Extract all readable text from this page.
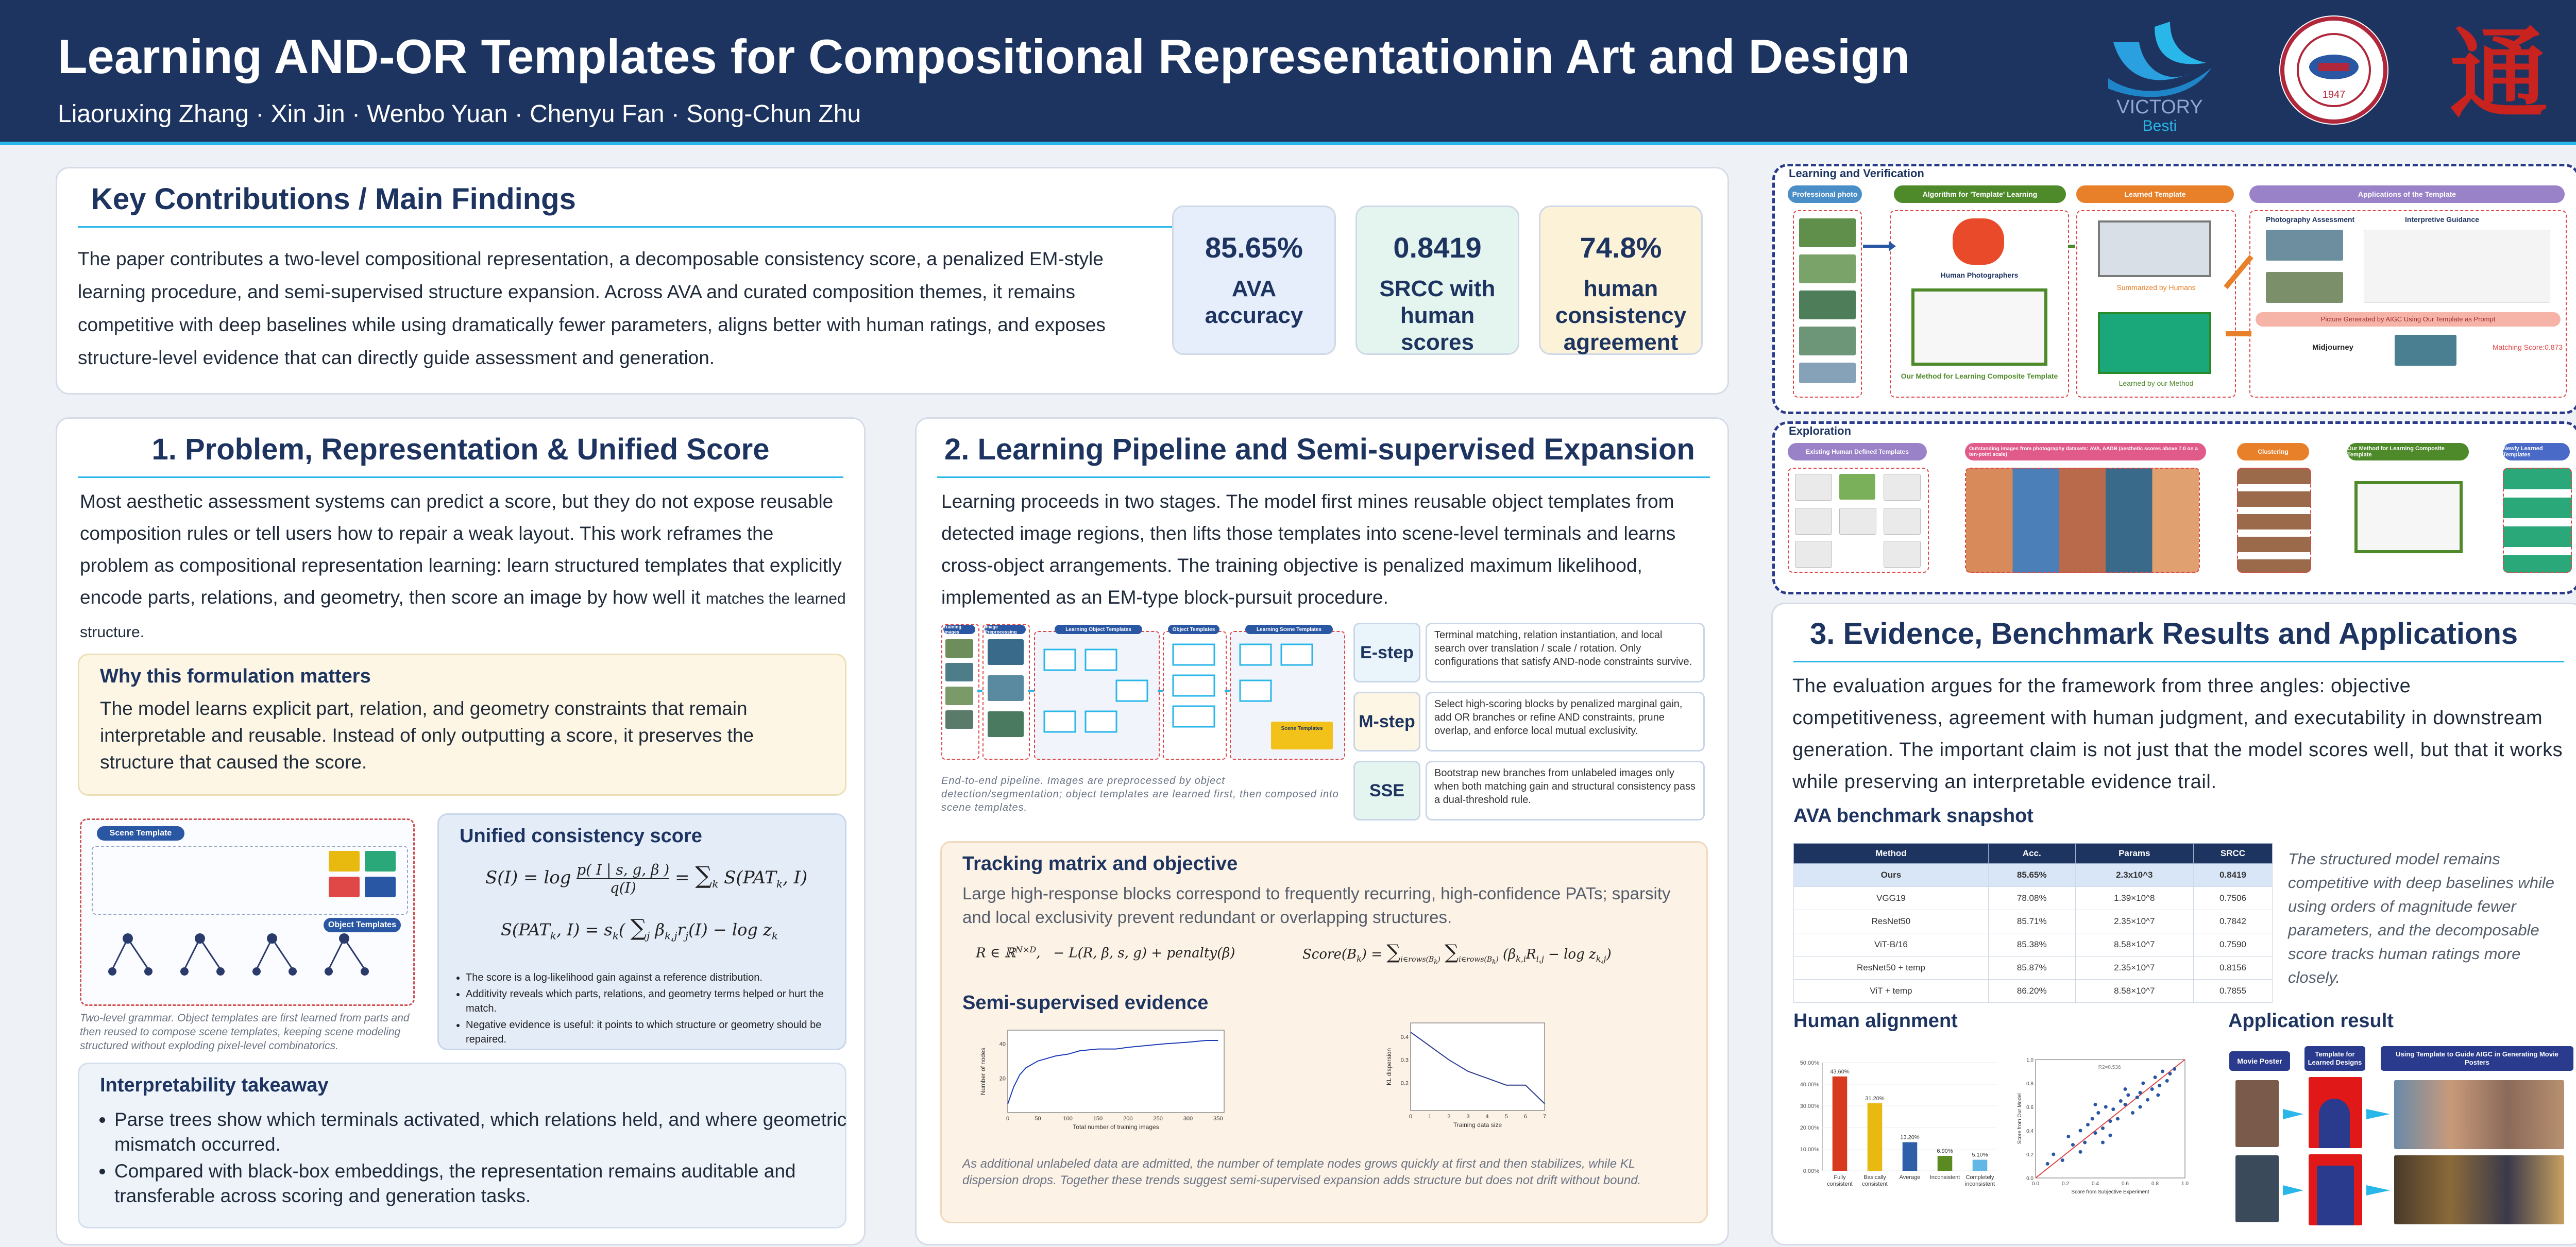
Learning AND-OR Templates for Compositional Representationin Art and Design
Liaoruxing Zhang · Xin Jin · Wenbo Yuan · Chenyu Fan · Song-Chun Zhu	VICTORY
Besti
1947 通
Key Contributions / Main Findings
The paper contributes a two-level compositional representation, a decomposable consistency score, a penalized EM-style learning procedure, and semi-supervised structure expansion. Across AVA and curated composition themes, it remains competitive with deep baselines while using dramatically fewer parameters, aligns better with human ratings, and exposes structure-level evidence that can directly guide assessment and generation.
85.65%
AVA accuracy
0.8419
SRCC with human scores
74.8%
human consistency agreement
Learning and Verification
Professional photo	Algorithm for 'Template' Learning	Learned Template	Applications of the Template
Human Photographers
Our Method for Learning Composite Template
Summarized by Humans
Learned by our Method
Photography Assessment	Interpretive Guidance
Picture Generated by AIGC Using Our Template as Prompt
Midjourney	Matching Score:0.873
Exploration
Existing Human Defined Templates	Outstanding images from photography datasets: AVA, AADB (aesthetic scores above 7.0 on a ten-point scale)	Clustering	Our Method for Learning Composite Template
Newly Learned Templates
1. Problem, Representation & Unified Score
Most aesthetic assessment systems can predict a score, but they do not expose reusable composition rules or tell users how to repair a weak layout. This work reframes the problem as compositional representation learning: learn structured templates that explicitly encode parts, relations, and geometry, then score an image by how well it matches the learned structure.
Why this formulation matters
The model learns explicit part, relation, and geometry constraints that remain interpretable and reusable. Instead of only outputting a score, it preserves the structure that caused the score.
Scene Template
Object Templates
Two-level grammar. Object templates are first learned from parts and then reused to compose scene templates, keeping scene modeling structured without exploding pixel-level combinatorics.
Unified consistency score
$S(I) = \log \frac{p( I | s, g, \beta )}{q(I)} = \sum_k$ $S(PAT_k$, I)
$S(PAT_k$, $I) = s_k$( $\sum_j$ $\beta_{k,j}r_j(I) - \log z_k$
• The score is a log-likelihood gain against a reference distribution.
• Additivity reveals which parts, relations, and geometry terms helped or hurt the match.
• Negative evidence is useful: it points to which structure or geometry should be repaired.
Interpretability takeaway
• Parse trees show which terminals activated, which relations held, and where geometric mismatch occurred.
• Compared with black-box embeddings, the representation remains auditable and transferable across scoring and generation tasks.
2. Learning Pipeline and Semi-supervised Expansion
Learning proceeds in two stages. The model first mines reusable object templates from detected image regions, then lifts those templates into scene-level terminals and learns cross-object arrangements. The training objective is penalized maximum likelihood, implemented as an EM-type block-pursuit procedure.
Training Images
Image Preprocessing	Learning Object Templates	Object Templates	Learning Scene Templates
Scene Templates
End-to-end pipeline. Images are preprocessed by object detection/segmentation; object templates are learned first, then composed into scene templates.
E-step
Terminal matching, relation instantiation, and local search over translation / scale / rotation. Only configurations that satisfy AND-node constraints survive.
M-step
Select high-scoring blocks by penalized marginal gain, add OR branches or refine AND constraints, prune overlap, and enforce local mutual exclusivity.
SSE
Bootstrap new branches from unlabeled images only when both matching gain and structural consistency pass a dual-threshold rule.
Tracking matrix and objective
Large high-response blocks correspond to frequently recurring, high-confidence PATs; sparsity and local exclusivity prevent redundant or overlapping structures.
R ∈ ℝ$^{N\times D}$,   − L(R, β, s, g) + penalty(β)	$Score(B_k) = \sum_{i\in rows(B_k)}$ $\sum_{i\in rows(B_k)}$ $(\beta_{k,i}R_{i,j} - \log z_{k,j})$
Semi-supervised evidence
0	50	100	150	200	250	300	350
20
40
Total number of training images
Number of nodes
0	1	2	3	4	5	6	7
0.2
0.3
0.4
Training data size
KL dispersion
As additional unlabeled data are admitted, the number of template nodes grows quickly at first and then stabilizes, while KL dispersion drops. Together these trends suggest semi-supervised expansion adds structure but does not drift without bound.
3. Evidence, Benchmark Results and Applications
The evaluation argues for the framework from three angles: objective competitiveness, agreement with human judgment, and executability in downstream generation. The important claim is not just that the model scores well, but that it works while preserving an interpretable evidence trail.
AVA benchmark snapshot
Method	Acc.	Params	SRCC
Ours	85.65%	2.3x10^3	0.8419
VGG19	78.08%	1.39×10^8	0.7506
ResNet50	85.71%	2.35×10^7	0.7842
ViT-B/16	85.38%	8.58×10^7	0.7590
ResNet50 + temp	85.87%	2.35×10^7	0.8156
ViT + temp	86.20%	8.58×10^7	0.7855
The structured model remains competitive with deep baselines while using orders of magnitude fewer parameters, and the decomposable score tracks human ratings more closely.
Human alignment
0.00%
10.00%
20.00%
30.00%
40.00%
50.00%
43.60%
Fully
consistent
31.20%
Basically
consistent
13.20%
Average
6.90%
Inconsistent
5.10%
Completely
inconsistent	0.0
0.0
0.2
0.2
0.4
0.4
0.6
0.6
0.8
0.8
1.0
1.0
R2=0.536
Score from Subjective Experiment
Score from Our Model
Application result
Movie Poster
Template for Learned Designs
Using Template to Guide AIGC in Generating Movie Posters
